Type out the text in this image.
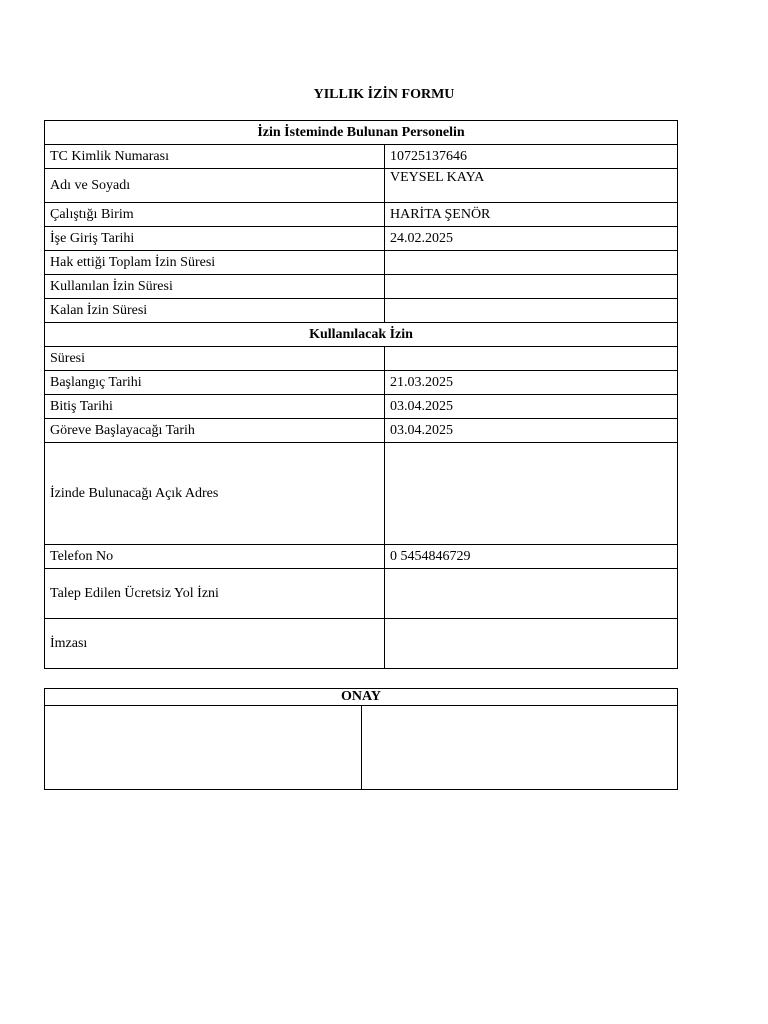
YILLIK İZİN FORMU
İzin İsteminde Bulunan Personelin	
TC Kimlik Numarası	10725137646
Adı ve Soyadı	VEYSEL KAYA
Çalıştığı Birim	HARİTA ŞENÖR
İşe Giriş Tarihi	24.02.2025
Hak ettiği Toplam İzin Süresi	
Kullanılan İzin Süresi	
Kalan İzin Süresi	
Kullanılacak İzin	
Süresi	
Başlangıç Tarihi	21.03.2025
Bitiş Tarihi	03.04.2025
Göreve Başlayacağı Tarih	03.04.2025
İzinde Bulunacağı Açık Adres	
Telefon No	0 5454846729
Talep Edilen Ücretsiz Yol İzni	
İmzası	
ONAY
